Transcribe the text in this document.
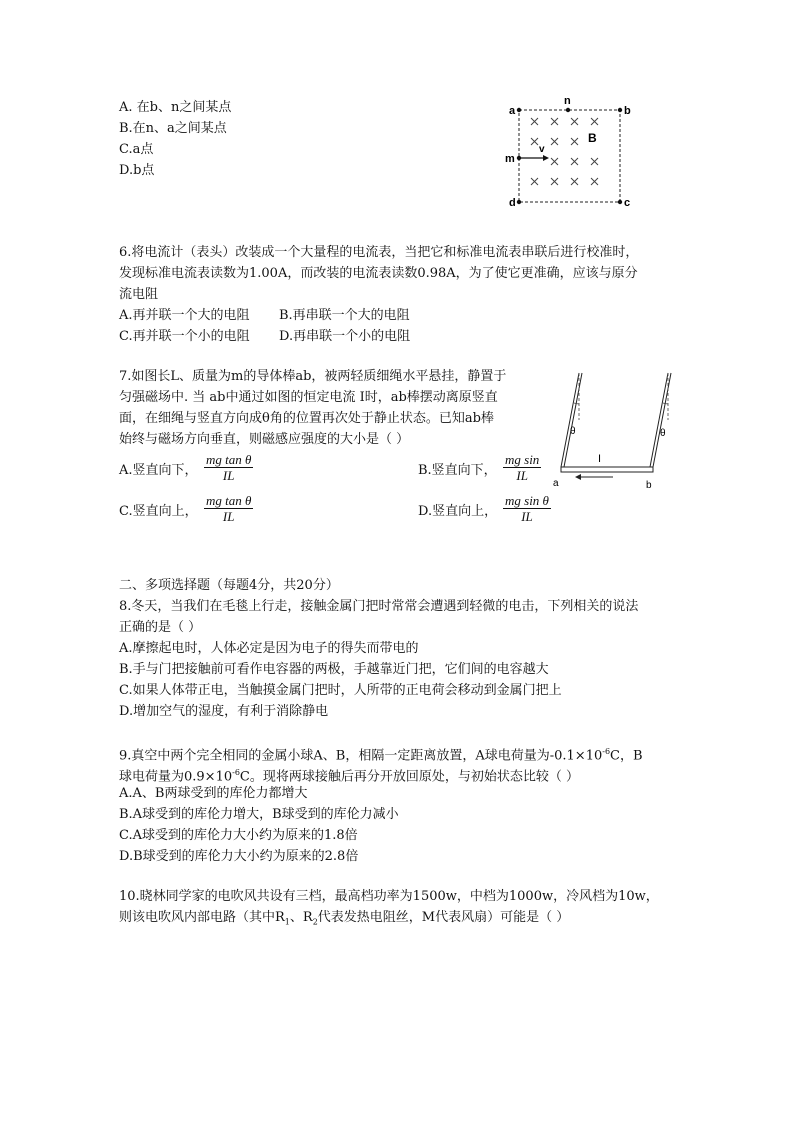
A. 在b、n之间某点
B.在n、a之间某点
C.a点
D.b点
a
n
b
m
v
B
d	c
6.将电流计（表头）改装成一个大量程的电流表，当把它和标准电流表串联后进行校准时，
发现标准电流表读数为1.00A，而改装的电流表读数0.98A，为了使它更准确，应该与原分
流电阻
A.再并联一个大的电阻 B.再串联一个大的电阻
C.再并联一个小的电阻 D.再串联一个小的电阻
7.如图长L、质量为m的导体棒ab，被两轻质细绳水平悬挂，静置于
匀强磁场中. 当 ab中通过如图的恒定电流 I时，ab棒摆动离原竖直
面，在细绳与竖直方向成θ角的位置再次处于静止状态。已知ab棒
始终与磁场方向垂直，则磁感应强度的大小是（ ）
A.竖直向下， $\frac{\text{mg tan θ}}{IL}$	B.竖直向下， $\frac{\text{mg sin}}{IL}$
C.竖直向上， $\frac{\text{mg tan θ}}{IL}$	D.竖直向上， $\frac{\text{mg sin θ}}{IL}$
θ	θ
I
a	b
二、多项选择题（每题4分，共20分）
8.冬天，当我们在毛毯上行走，接触金属门把时常常会遭遇到轻微的电击，下列相关的说法
正确的是（ ）
A.摩擦起电时，人体必定是因为电子的得失而带电的
B.手与门把接触前可看作电容器的两极，手越靠近门把，它们间的电容越大
C.如果人体带正电，当触摸金属门把时，人所带的正电荷会移动到金属门把上
D.增加空气的湿度，有利于消除静电
9.真空中两个完全相同的金属小球A、B，相隔一定距离放置，A球电荷量为$-0.1\times 10^{-6}C$，B
球电荷量为$0.9\times 10^{-6}C$。现将两球接触后再分开放回原处，与初始状态比较（ ）
A.A、B两球受到的库伦力都增大
B.A球受到的库伦力增大，B球受到的库伦力减小
C.A球受到的库伦力大小约为原来的1.8倍
D.B球受到的库伦力大小约为原来的2.8倍
10.晓林同学家的电吹风共设有三档，最高档功率为1500w，中档为1000w，冷风档为10w，
则该电吹风内部电路（其中$R_1$、$R_2$代表发热电阻丝，M代表风扇）可能是（ ）
